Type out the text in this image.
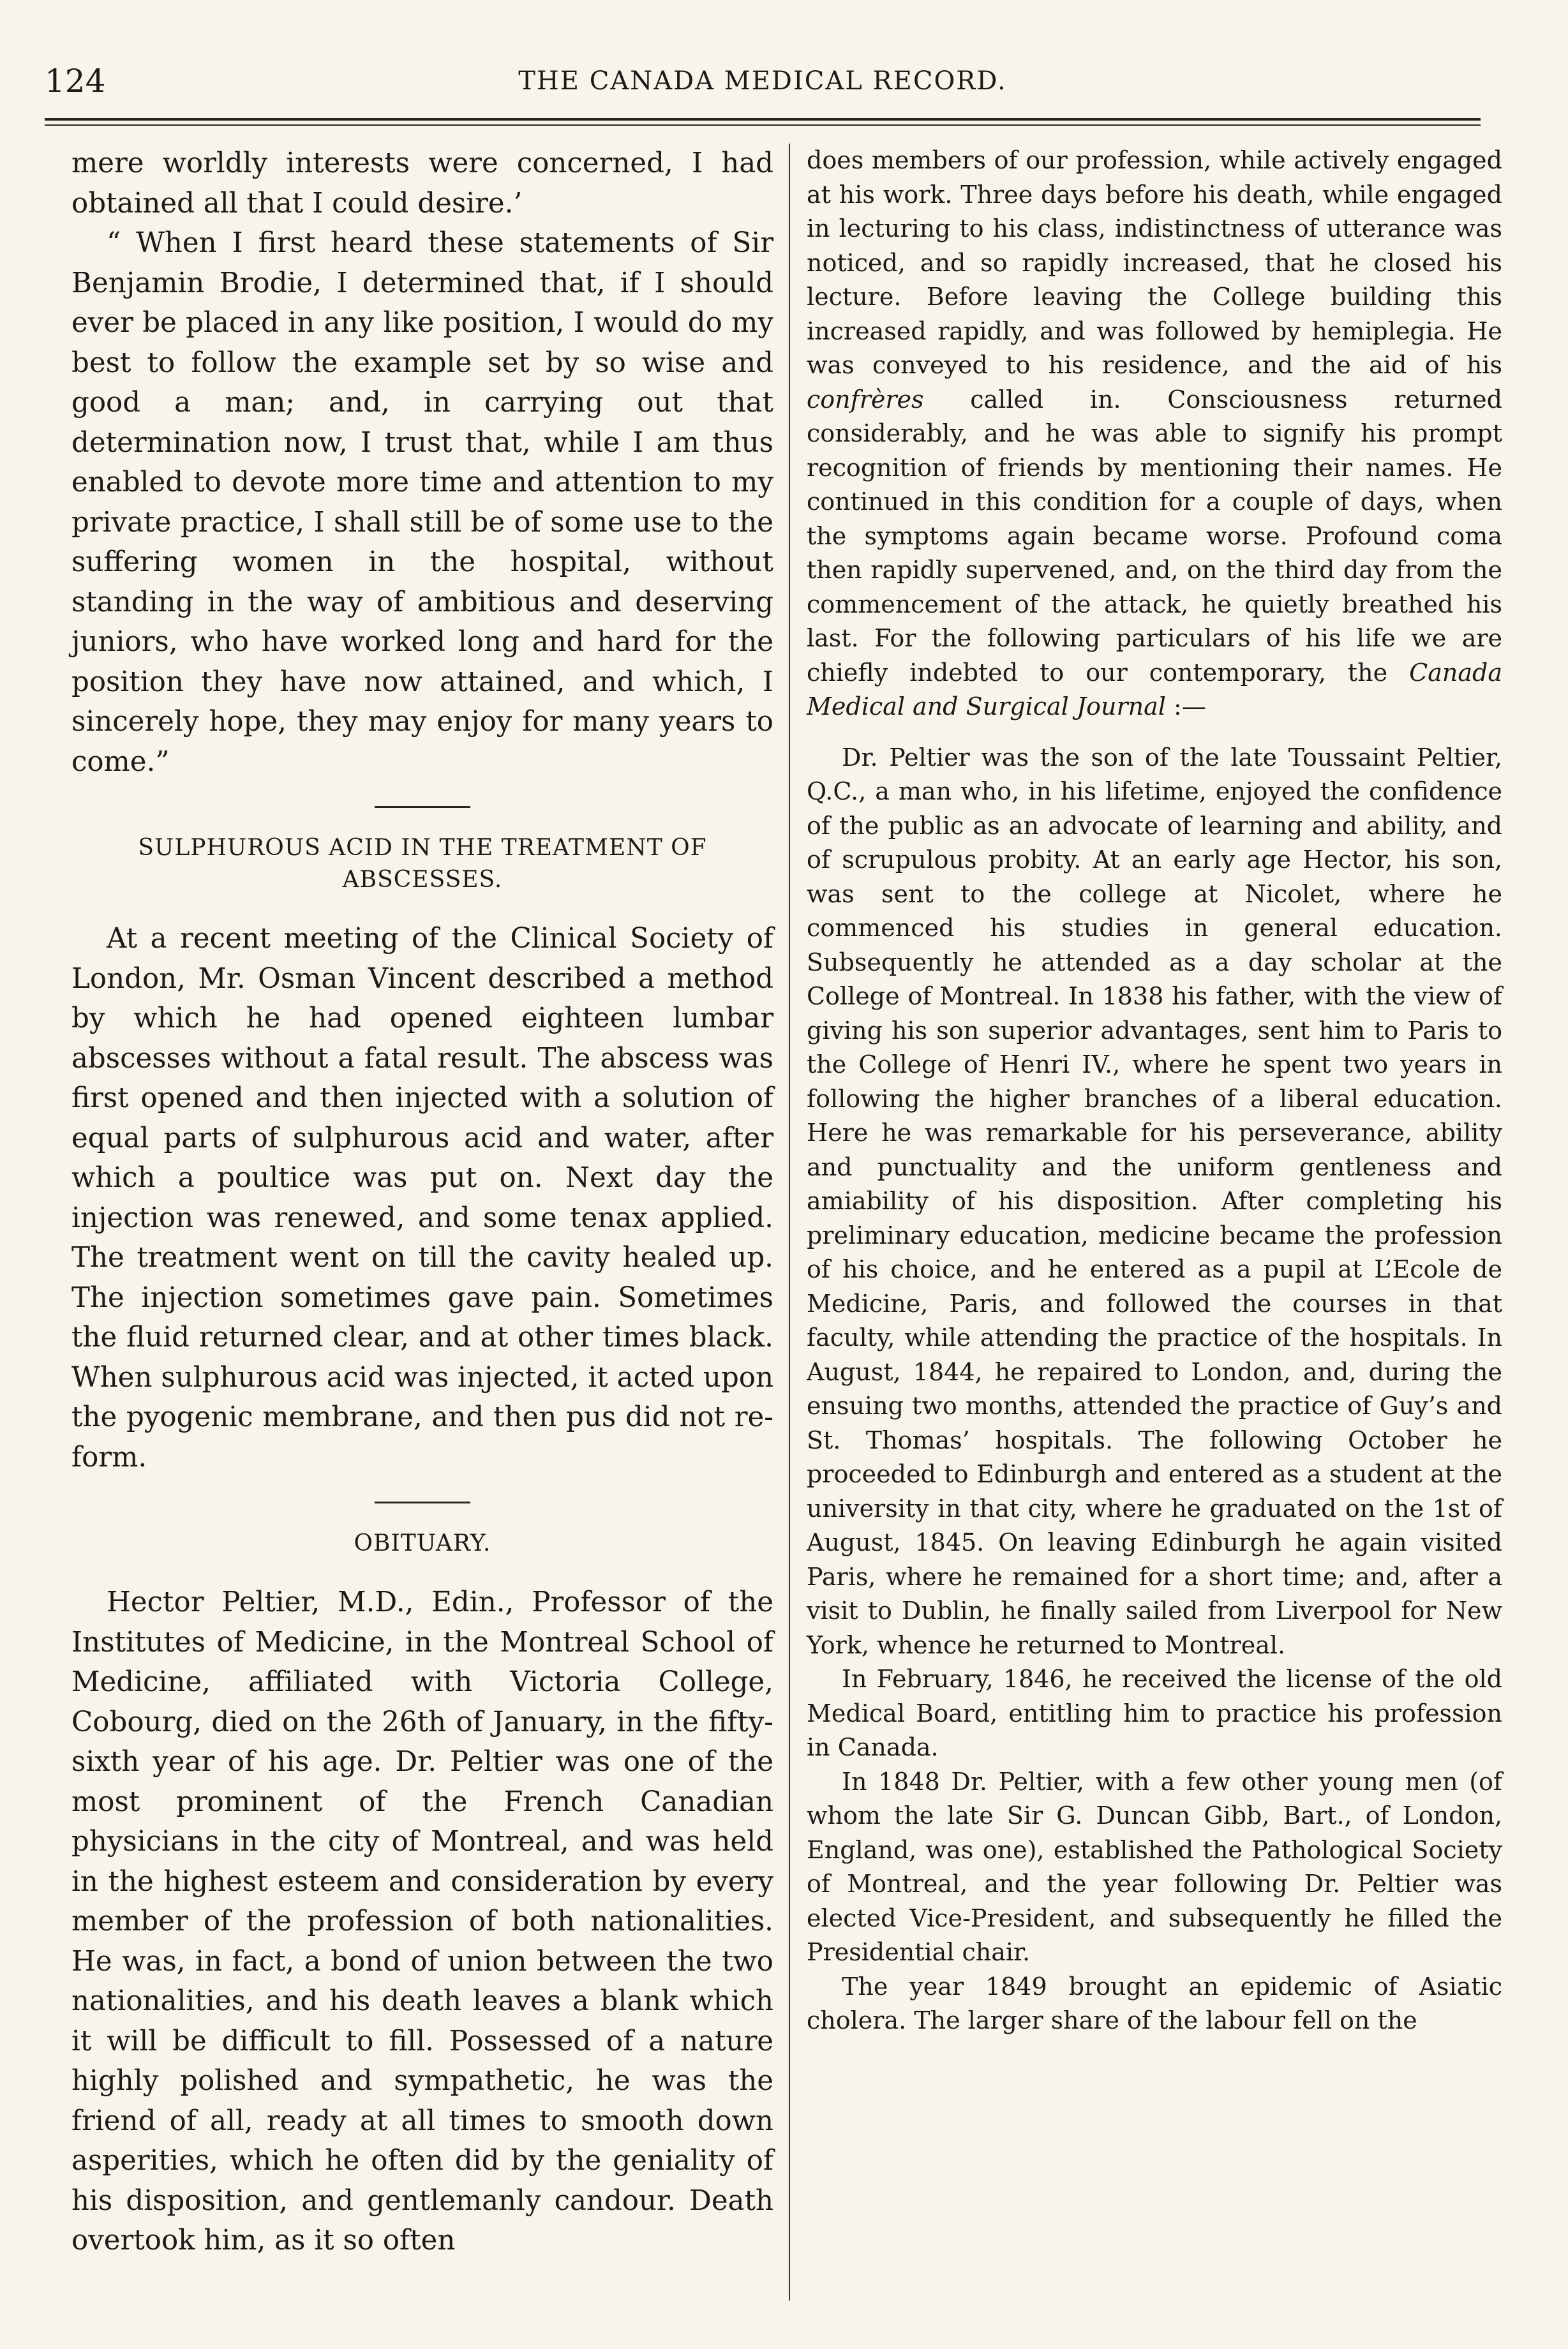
124	THE CANADA MEDICAL RECORD.

mere worldly interests were concerned, I had obtained all that I could desire.’

“ When I first heard these statements of Sir Benjamin Brodie, I determined that, if I should ever be placed in any like position, I would do my best to follow the example set by so wise and good a man; and, in carrying out that determination now, I trust that, while I am thus enabled to devote more time and attention to my private practice, I shall still be of some use to the suffering women in the hospital, without standing in the way of ambitious and deserving juniors, who have worked long and hard for the position they have now attained, and which, I sincerely hope, they may enjoy for many years to come.”

SULPHUROUS ACID IN THE TREATMENT OF ABSCESSES.

At a recent meeting of the Clinical Society of London, Mr. Osman Vincent described a method by which he had opened eighteen lumbar abscesses without a fatal result. The abscess was first opened and then injected with a solution of equal parts of sulphurous acid and water, after which a poultice was put on. Next day the injection was renewed, and some tenax applied. The treatment went on till the cavity healed up. The injection sometimes gave pain. Sometimes the fluid returned clear, and at other times black. When sulphurous acid was injected, it acted upon the pyogenic membrane, and then pus did not re-form.

OBITUARY.

Hector Peltier, M.D., Edin., Professor of the Institutes of Medicine, in the Montreal School of Medicine, affiliated with Victoria College, Cobourg, died on the 26th of January, in the fifty-sixth year of his age. Dr. Peltier was one of the most prominent of the French Canadian physicians in the city of Montreal, and was held in the highest esteem and consideration by every member of the profession of both nationalities. He was, in fact, a bond of union between the two nationalities, and his death leaves a blank which it will be difficult to fill. Possessed of a nature highly polished and sympathetic, he was the friend of all, ready at all times to smooth down asperities, which he often did by the geniality of his disposition, and gentlemanly candour. Death overtook him, as it so often

does members of our profession, while actively engaged at his work. Three days before his death, while engaged in lecturing to his class, indistinctness of utterance was noticed, and so rapidly increased, that he closed his lecture. Before leaving the College building this increased rapidly, and was followed by hemiplegia. He was conveyed to his residence, and the aid of his confrères called in. Consciousness returned considerably, and he was able to signify his prompt recognition of friends by mentioning their names. He continued in this condition for a couple of days, when the symptoms again became worse. Profound coma then rapidly supervened, and, on the third day from the commencement of the attack, he quietly breathed his last. For the following particulars of his life we are chiefly indebted to our contemporary, the Canada Medical and Surgical Journal :—

Dr. Peltier was the son of the late Toussaint Peltier, Q.C., a man who, in his lifetime, enjoyed the confidence of the public as an advocate of learning and ability, and of scrupulous probity. At an early age Hector, his son, was sent to the college at Nicolet, where he commenced his studies in general education. Subsequently he attended as a day scholar at the College of Montreal. In 1838 his father, with the view of giving his son superior advantages, sent him to Paris to the College of Henri IV., where he spent two years in following the higher branches of a liberal education. Here he was remarkable for his perseverance, ability and punctuality and the uniform gentleness and amiability of his disposition. After completing his preliminary education, medicine became the profession of his choice, and he entered as a pupil at L’Ecole de Medicine, Paris, and followed the courses in that faculty, while attending the practice of the hospitals. In August, 1844, he repaired to London, and, during the ensuing two months, attended the practice of Guy’s and St. Thomas’ hospitals. The following October he proceeded to Edinburgh and entered as a student at the university in that city, where he graduated on the 1st of August, 1845. On leaving Edinburgh he again visited Paris, where he remained for a short time; and, after a visit to Dublin, he finally sailed from Liverpool for New York, whence he returned to Montreal.

In February, 1846, he received the license of the old Medical Board, entitling him to practice his profession in Canada.

In 1848 Dr. Peltier, with a few other young men (of whom the late Sir G. Duncan Gibb, Bart., of London, England, was one), established the Pathological Society of Montreal, and the year following Dr. Peltier was elected Vice-President, and subsequently he filled the Presidential chair.

The year 1849 brought an epidemic of Asiatic cholera. The larger share of the labour fell on the
